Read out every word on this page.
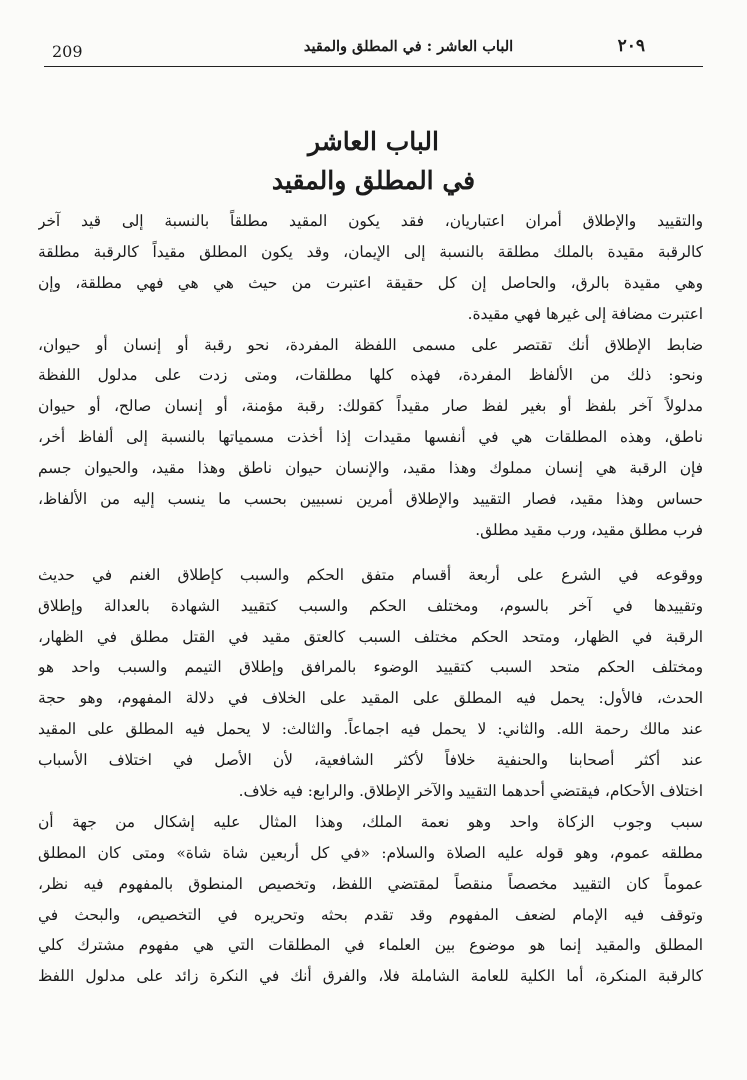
209	الباب العاشر : في المطلق والمقيد	٢٠٩
الباب العاشر
في المطلق والمقيد
والتقييد والإطلاق أمران اعتباريان، فقد يكون المقيد مطلقاً بالنسبة إلى قيد آخر
كالرقبة مقيدة بالملك مطلقة بالنسبة إلى الإيمان، وقد يكون المطلق مقيداً كالرقبة مطلقة
وهي مقيدة بالرق، والحاصل إن كل حقيقة اعتبرت من حيث هي هي فهي مطلقة، وإن
اعتبرت مضافة إلى غيرها فهي مقيدة.
ضابط الإطلاق أنك تقتصر على مسمى اللفظة المفردة، نحو رقبة أو إنسان أو حيوان،
ونحو: ذلك من الألفاظ المفردة، فهذه كلها مطلقات، ومتى زدت على مدلول اللفظة
مدلولاً آخر بلفظ أو بغير لفظ صار مقيداً كقولك: رقبة مؤمنة، أو إنسان صالح، أو حيوان
ناطق، وهذه المطلقات هي في أنفسها مقيدات إذا أخذت مسمياتها بالنسبة إلى ألفاظ أخر،
فإن الرقبة هي إنسان مملوك وهذا مقيد، والإنسان حيوان ناطق وهذا مقيد، والحيوان جسم
حساس وهذا مقيد، فصار التقييد والإطلاق أمرين نسبيين بحسب ما ينسب إليه من الألفاظ،
فرب مطلق مقيد، ورب مقيد مطلق.
ووقوعه في الشرع على أربعة أقسام متفق الحكم والسبب كإطلاق الغنم في حديث
وتقييدها في آخر بالسوم، ومختلف الحكم والسبب كتقييد الشهادة بالعدالة وإطلاق
الرقبة في الظهار، ومتحد الحكم مختلف السبب كالعتق مقيد في القتل مطلق في الظهار،
ومختلف الحكم متحد السبب كتقييد الوضوء بالمرافق وإطلاق التيمم والسبب واحد هو
الحدث، فالأول: يحمل فيه المطلق على المقيد على الخلاف في دلالة المفهوم، وهو حجة
عند مالك رحمة الله. والثاني: لا يحمل فيه اجماعاً. والثالث: لا يحمل فيه المطلق على المقيد
عند أكثر أصحابنا والحنفية خلافاً لأكثر الشافعية، لأن الأصل في اختلاف الأسباب
اختلاف الأحكام، فيقتضي أحدهما التقييد والآخر الإطلاق. والرابع: فيه خلاف.
سبب وجوب الزكاة واحد وهو نعمة الملك، وهذا المثال عليه إشكال من جهة أن
مطلقه عموم، وهو قوله عليه الصلاة والسلام: «في كل أربعين شاة شاة» ومتى كان المطلق
عموماً كان التقييد مخصصاً منقصاً لمقتضي اللفظ، وتخصيص المنطوق بالمفهوم فيه نظر،
وتوقف فيه الإمام لضعف المفهوم وقد تقدم بحثه وتحريره في التخصيص، والبحث في
المطلق والمقيد إنما هو موضوع بين العلماء في المطلقات التي هي مفهوم مشترك كلي
كالرقبة المنكرة، أما الكلية للعامة الشاملة فلا، والفرق أنك في النكرة زائد على مدلول اللفظ
